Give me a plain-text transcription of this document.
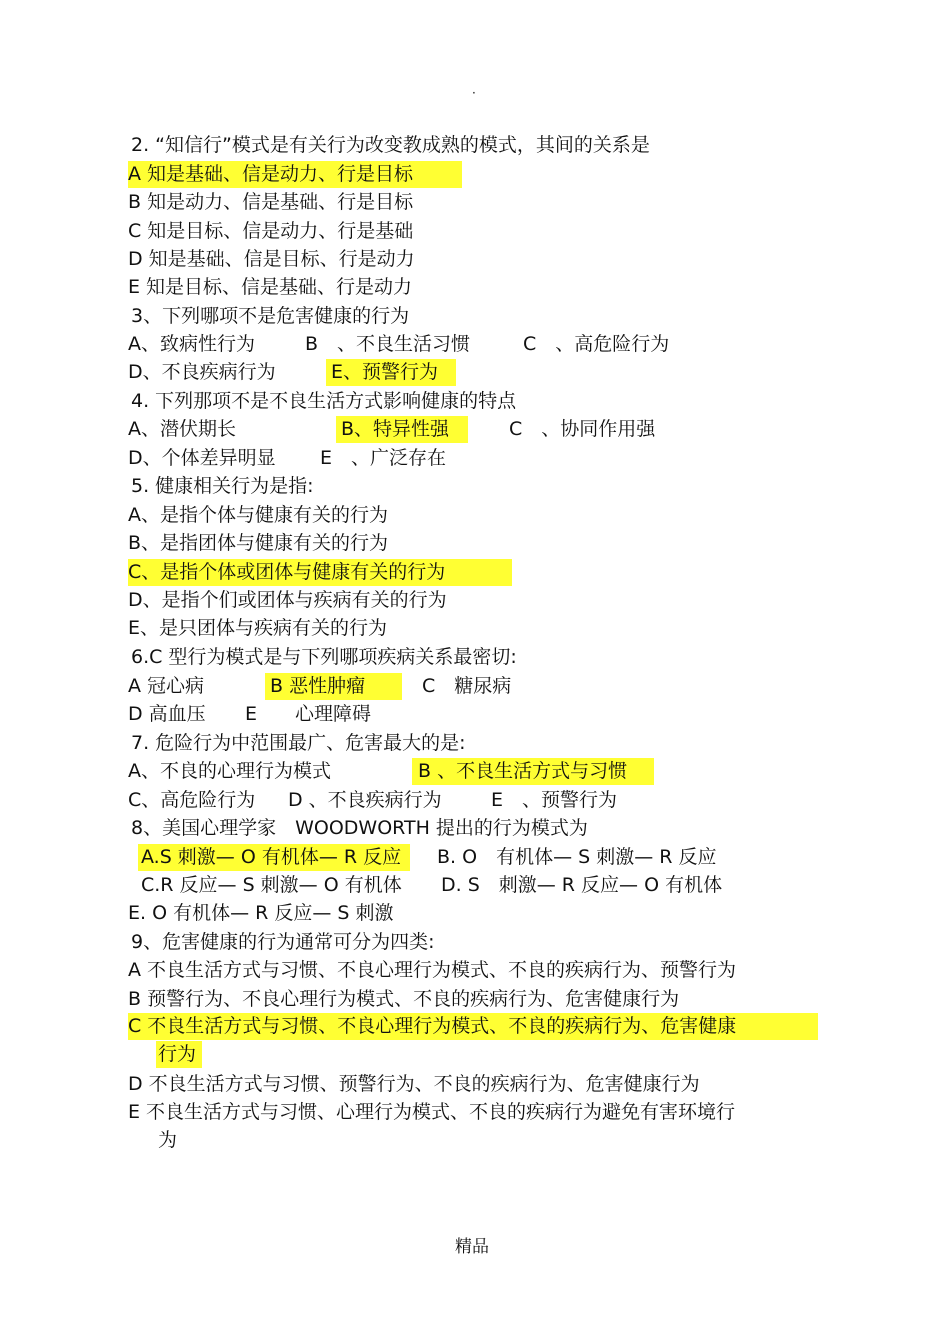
·
2. “知信行”模式是有关行为改变教成熟的模式，其间的关系是
A 知是基础、信是动力、行是目标
B 知是动力、信是基础、行是目标
C 知是目标、信是动力、行是基础
D 知是基础、信是目标、行是动力
E 知是目标、信是基础、行是动力
3、下列哪项不是危害健康的行为
A、致病性行为	B　、不良生活习惯	C　、高危险行为
D、不良疾病行为	E、预警行为
4. 下列那项不是不良生活方式影响健康的特点
A、潜伏期长	B、特异性强	C　、协同作用强
D、个体差异明显 E　、广泛存在
5. 健康相关行为是指:
A、是指个体与健康有关的行为
B、是指团体与健康有关的行为
C、是指个体或团体与健康有关的行为
D、是指个们或团体与疾病有关的行为
E、是只团体与疾病有关的行为
6.C 型行为模式是与下列哪项疾病关系最密切:
A 冠心病	B 恶性肿瘤	C　糖尿病
D 高血压 E　　心理障碍
7. 危险行为中范围最广、危害最大的是:
A、不良的心理行为模式	B 、不良生活方式与习惯
C、高危险行为 D 、不良疾病行为	E　、预警行为
8、美国心理学家　WOODWORTH 提出的行为模式为
A.S 刺激— O 有机体— R 反应 B. O　有机体— S 刺激— R 反应
C.R 反应— S 刺激— O 有机体 D. S　刺激— R 反应— O 有机体
E. O 有机体— R 反应— S 刺激
9、危害健康的行为通常可分为四类:
A 不良生活方式与习惯、不良心理行为模式、不良的疾病行为、预警行为
B 预警行为、不良心理行为模式、不良的疾病行为、危害健康行为
C 不良生活方式与习惯、不良心理行为模式、不良的疾病行为、危害健康
行为
D 不良生活方式与习惯、预警行为、不良的疾病行为、危害健康行为
E 不良生活方式与习惯、心理行为模式、不良的疾病行为避免有害环境行
为
精品
